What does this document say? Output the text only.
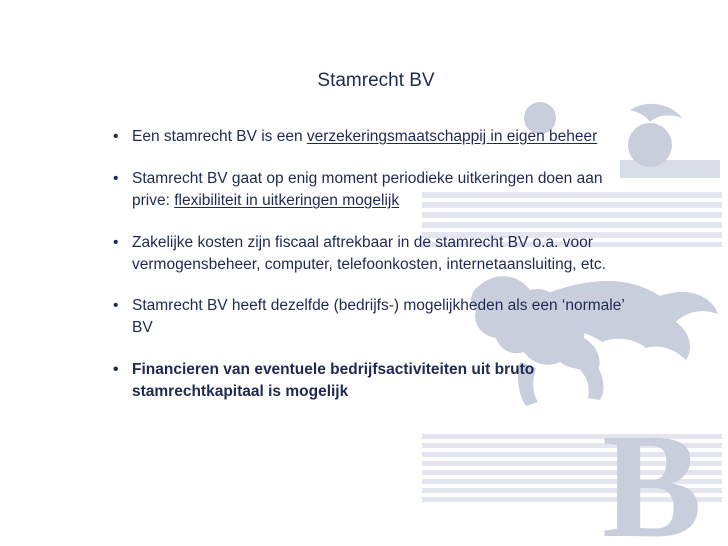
B
Stamrecht BV
• Een stamrecht BV is een verzekeringsmaatschappij in eigen beheer
• Stamrecht BV gaat op enig moment periodieke uitkeringen doen aan prive: flexibiliteit in uitkeringen mogelijk
• Zakelijke kosten zijn fiscaal aftrekbaar in de stamrecht BV o.a. voor vermogensbeheer, computer, telefoonkosten, internetaansluiting, etc.
• Stamrecht BV heeft dezelfde (bedrijfs-) mogelijkheden als een ‘normale’ BV
• Financieren van eventuele bedrijfsactiviteiten uit bruto stamrechtkapitaal is mogelijk
